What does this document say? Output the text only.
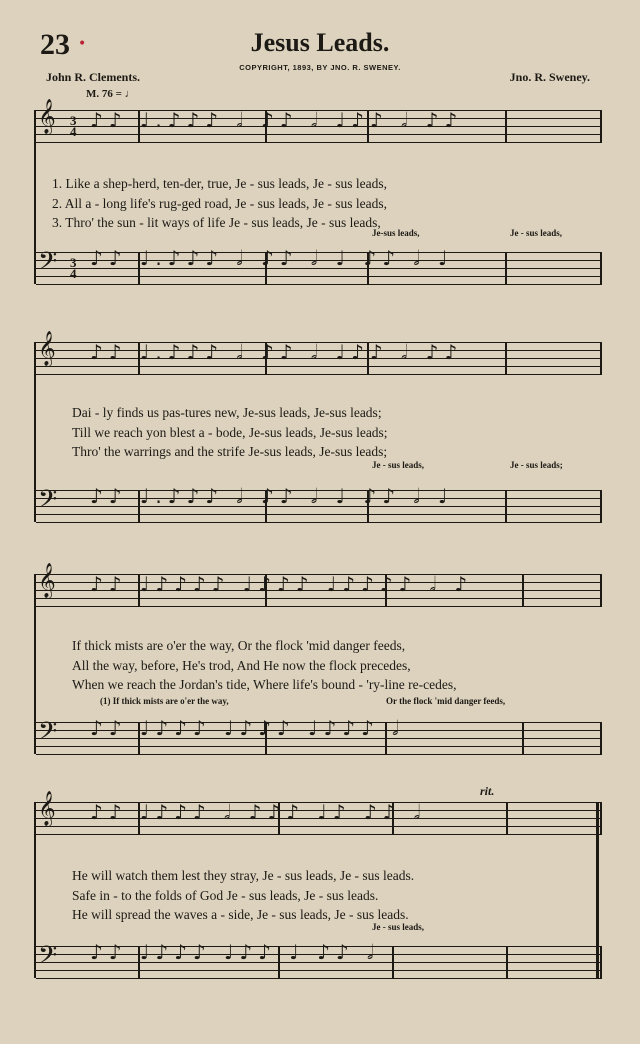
23 •	Jesus Leads.
COPYRIGHT, 1893, BY JNO. R. SWENEY.
John R. Clements.	Jno. R. Sweney.
M. 76 = ♩
𝄞
𝄢
𝄞
𝄢
𝄞
𝄢
𝄞
𝄢
3
4
3
4
♪♪ ♩.♪♪♪ 𝅗𝅥 ♪♪ 𝅗𝅥 ♩♪♪ 𝅗𝅥 ♪♪
♪♪ ♩.♪♪♪ 𝅗𝅥 ♪♪ 𝅗𝅥 ♩ ♪♪ 𝅗𝅥 ♩
1. Like a shep-herd, ten-der, true, Je - sus leads, Je - sus leads,
2. All a - long life's rug-ged road, Je - sus leads, Je - sus leads,
3. Thro' the sun - lit ways of life Je - sus leads, Je - sus leads,
Je-sus leads,	Je - sus leads,
♪♪ ♩.♪♪♪ 𝅗𝅥 ♪♪ 𝅗𝅥 ♩♪♪ 𝅗𝅥 ♪♪
♪♪ ♩.♪♪♪ 𝅗𝅥 ♪♪ 𝅗𝅥 ♩ ♪♪ 𝅗𝅥 ♩
Dai - ly finds us pas-tures new, Je-sus leads, Je-sus leads;
Till we reach yon blest a - bode, Je-sus leads, Je-sus leads;
Thro' the warrings and the strife Je-sus leads, Je-sus leads;
Je - sus leads,	Je - sus leads;
♪♪ ♩♪♪♪♪ ♩♪♪♪ ♩♪♪♪♪ 𝅗𝅥 ♪
♪♪ ♩♪♪♪ ♩♪♪♪ ♩♪♪♪ 𝅗𝅥
If thick mists are o'er the way, Or the flock 'mid danger feeds,
All the way, before, He's trod, And He now the flock precedes,
When we reach the Jordan's tide, Where life's bound - 'ry-line re-cedes,
(1) If thick mists are o'er the way,	Or the flock 'mid danger feeds,
♪♪ ♩♪♪♪ 𝅗𝅥 ♪♪♪ ♩♪ ♪♪ 𝅗𝅥
♪♪ ♩♪♪♪ ♩♪♪ ♩ ♪♪ 𝅗𝅥
He will watch them lest they stray, Je - sus leads, Je - sus leads.
Safe in - to the folds of God Je - sus leads, Je - sus leads.
He will spread the waves a - side, Je - sus leads, Je - sus leads.
Je - sus leads,
rit.
